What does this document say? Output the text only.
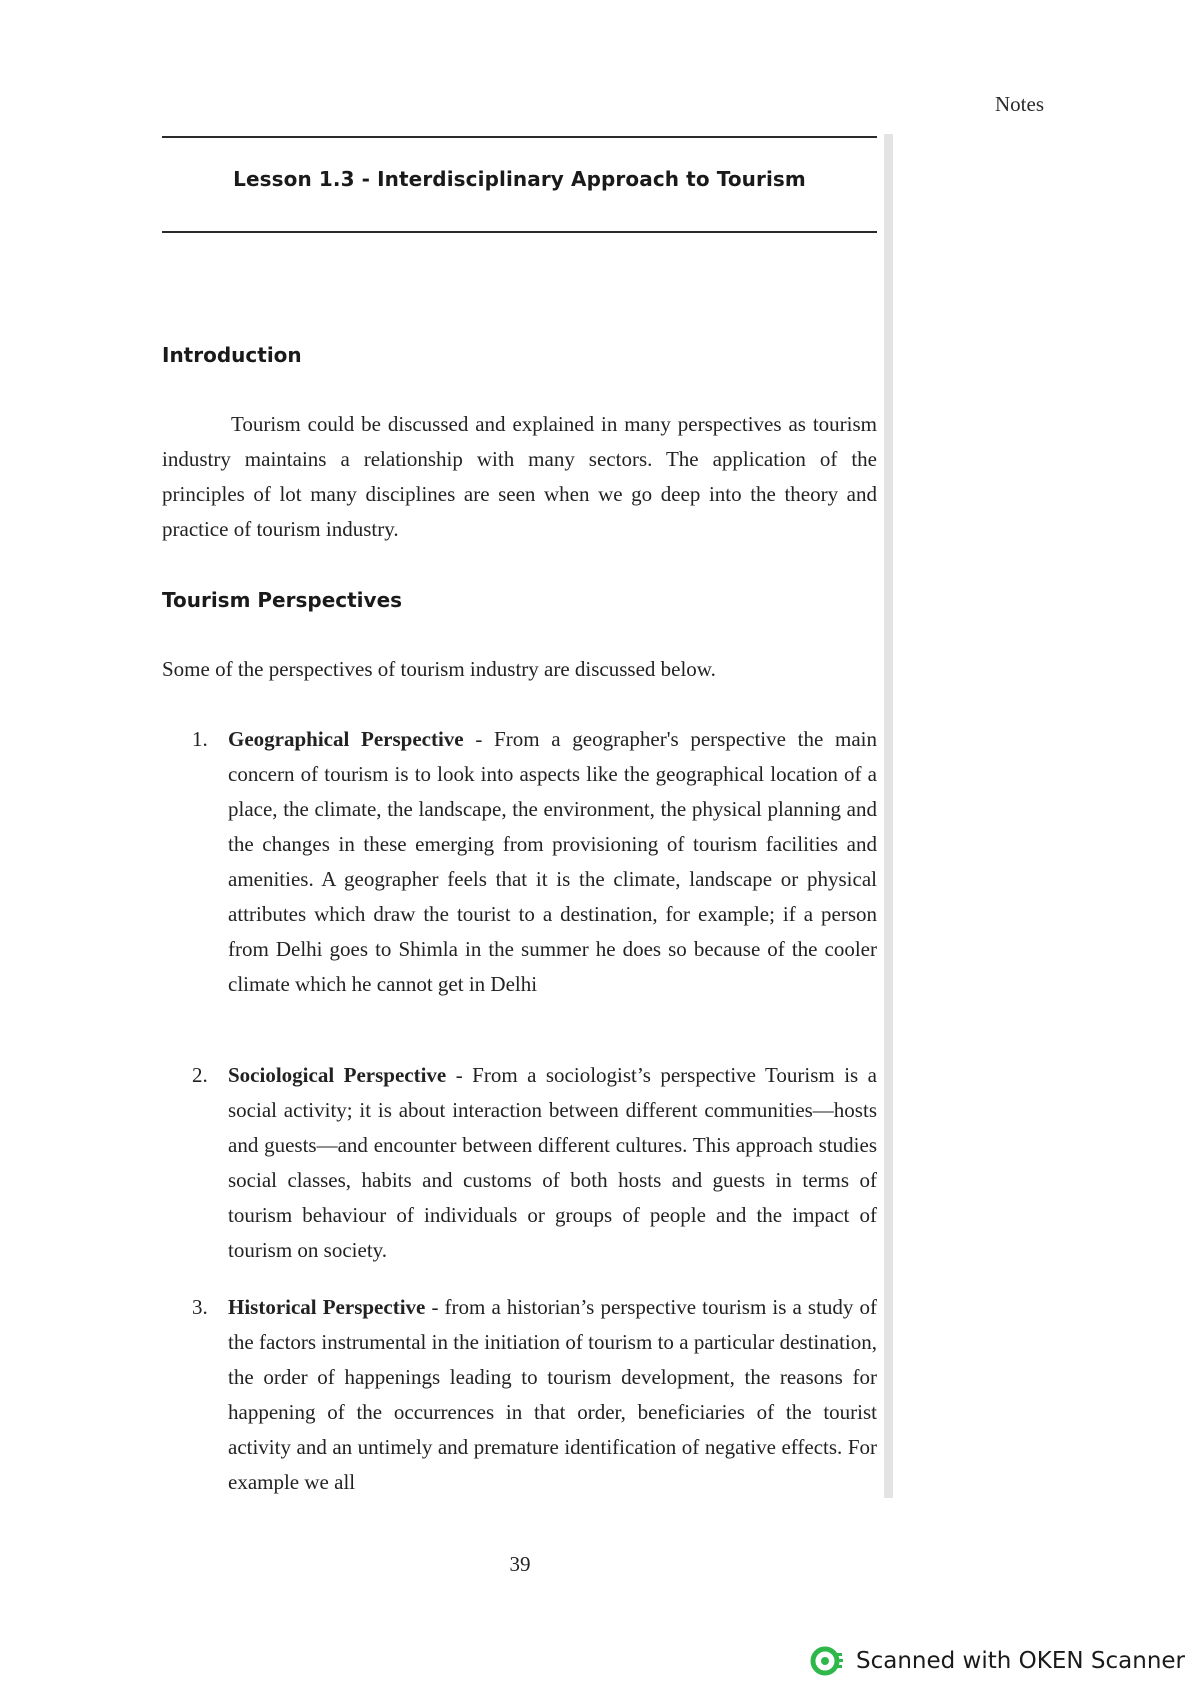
Notes
Lesson 1.3 - Interdisciplinary Approach to Tourism
Introduction
Tourism could be discussed and explained in many perspectives as tourism industry maintains a relationship with many sectors. The application of the principles of lot many disciplines are seen when we go deep into the theory and practice of tourism industry.
Tourism Perspectives
Some of the perspectives of tourism industry are discussed below.
1. Geographical Perspective - From a geographer's perspective the main concern of tourism is to look into aspects like the geographical location of a place, the climate, the landscape, the environment, the physical planning and the changes in these emerging from provisioning of tourism facilities and amenities. A geographer feels that it is the climate, landscape or physical attributes which draw the tourist to a destination, for example; if a person from Delhi goes to Shimla in the summer he does so because of the cooler climate which he cannot get in Delhi
2. Sociological Perspective - From a sociologist’s perspective Tourism is a social activity; it is about interaction between different communities—hosts and guests—and encounter between different cultures. This approach studies social classes, habits and customs of both hosts and guests in terms of tourism behaviour of individuals or groups of people and the impact of tourism on society.
3. Historical Perspective - from a historian’s perspective tourism is a study of the factors instrumental in the initiation of tourism to a particular destination, the order of happenings leading to tourism development, the reasons for happening of the occurrences in that order, beneficiaries of the tourist activity and an untimely and premature identification of negative effects. For example we all
39
Scanned with OKEN Scanner
